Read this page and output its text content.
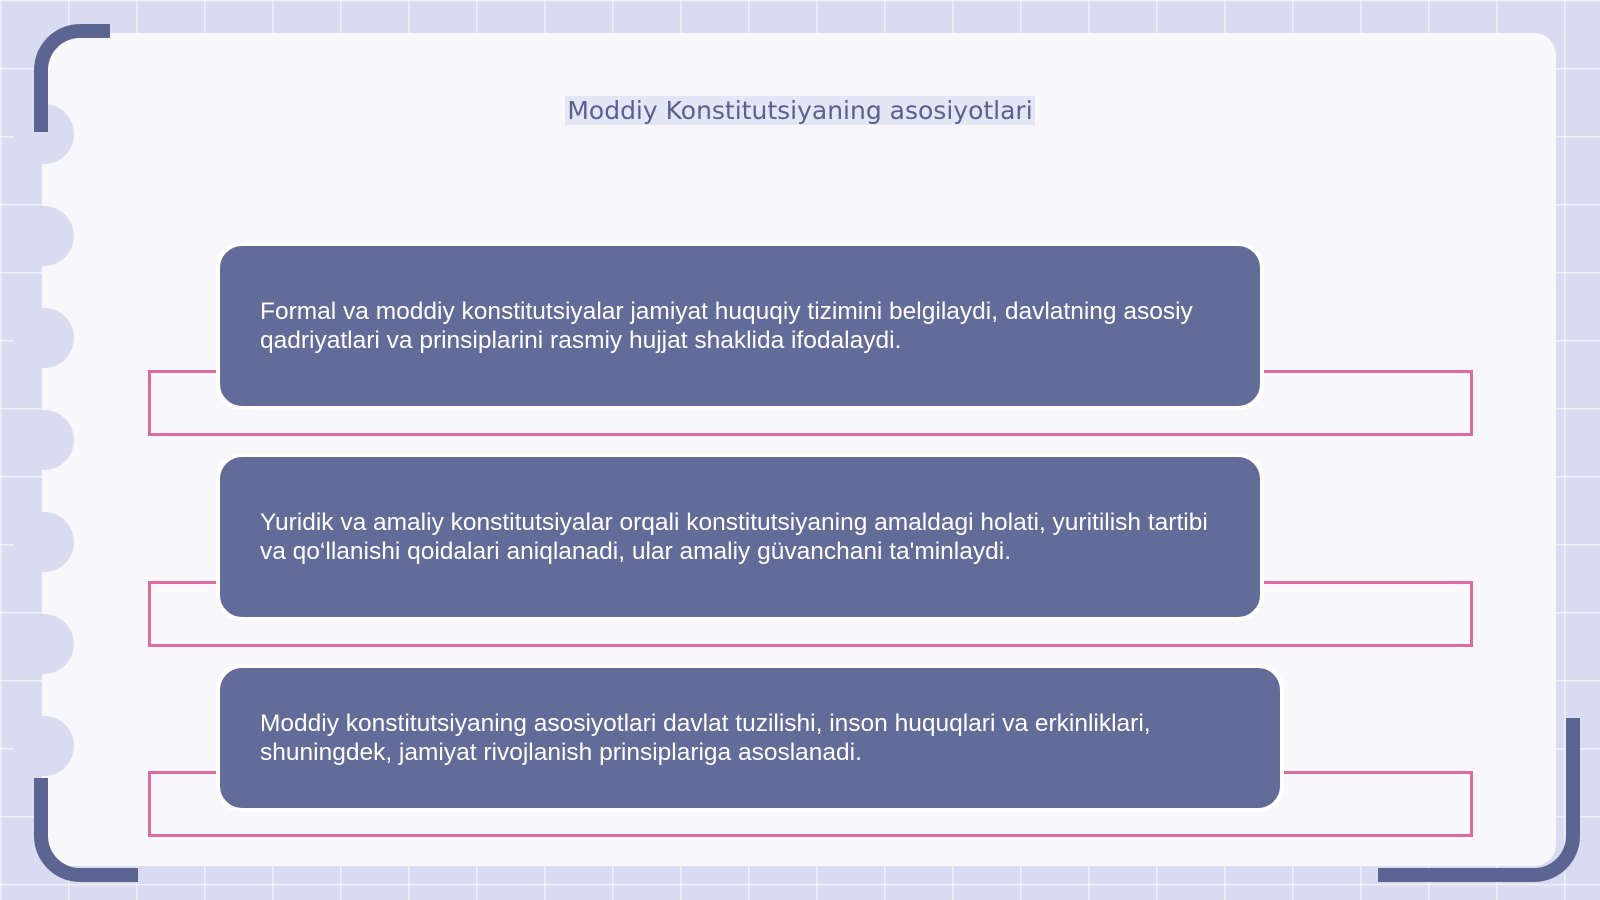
Moddiy Konstitutsiyaning asosiyotlari
Formal va moddiy konstitutsiyalar jamiyat huquqiy tizimini belgilaydi, davlatning asosiy qadriyatlari va prinsiplarini rasmiy hujjat shaklida ifodalaydi.
Yuridik va amaliy konstitutsiyalar orqali konstitutsiyaning amaldagi holati, yuritilish tartibi va qo‘llanishi qoidalari aniqlanadi, ular amaliy güvanchani ta'minlaydi.
Moddiy konstitutsiyaning asosiyotlari davlat tuzilishi, inson huquqlari va erkinliklari, shuningdek, jamiyat rivojlanish prinsiplariga asoslanadi.
